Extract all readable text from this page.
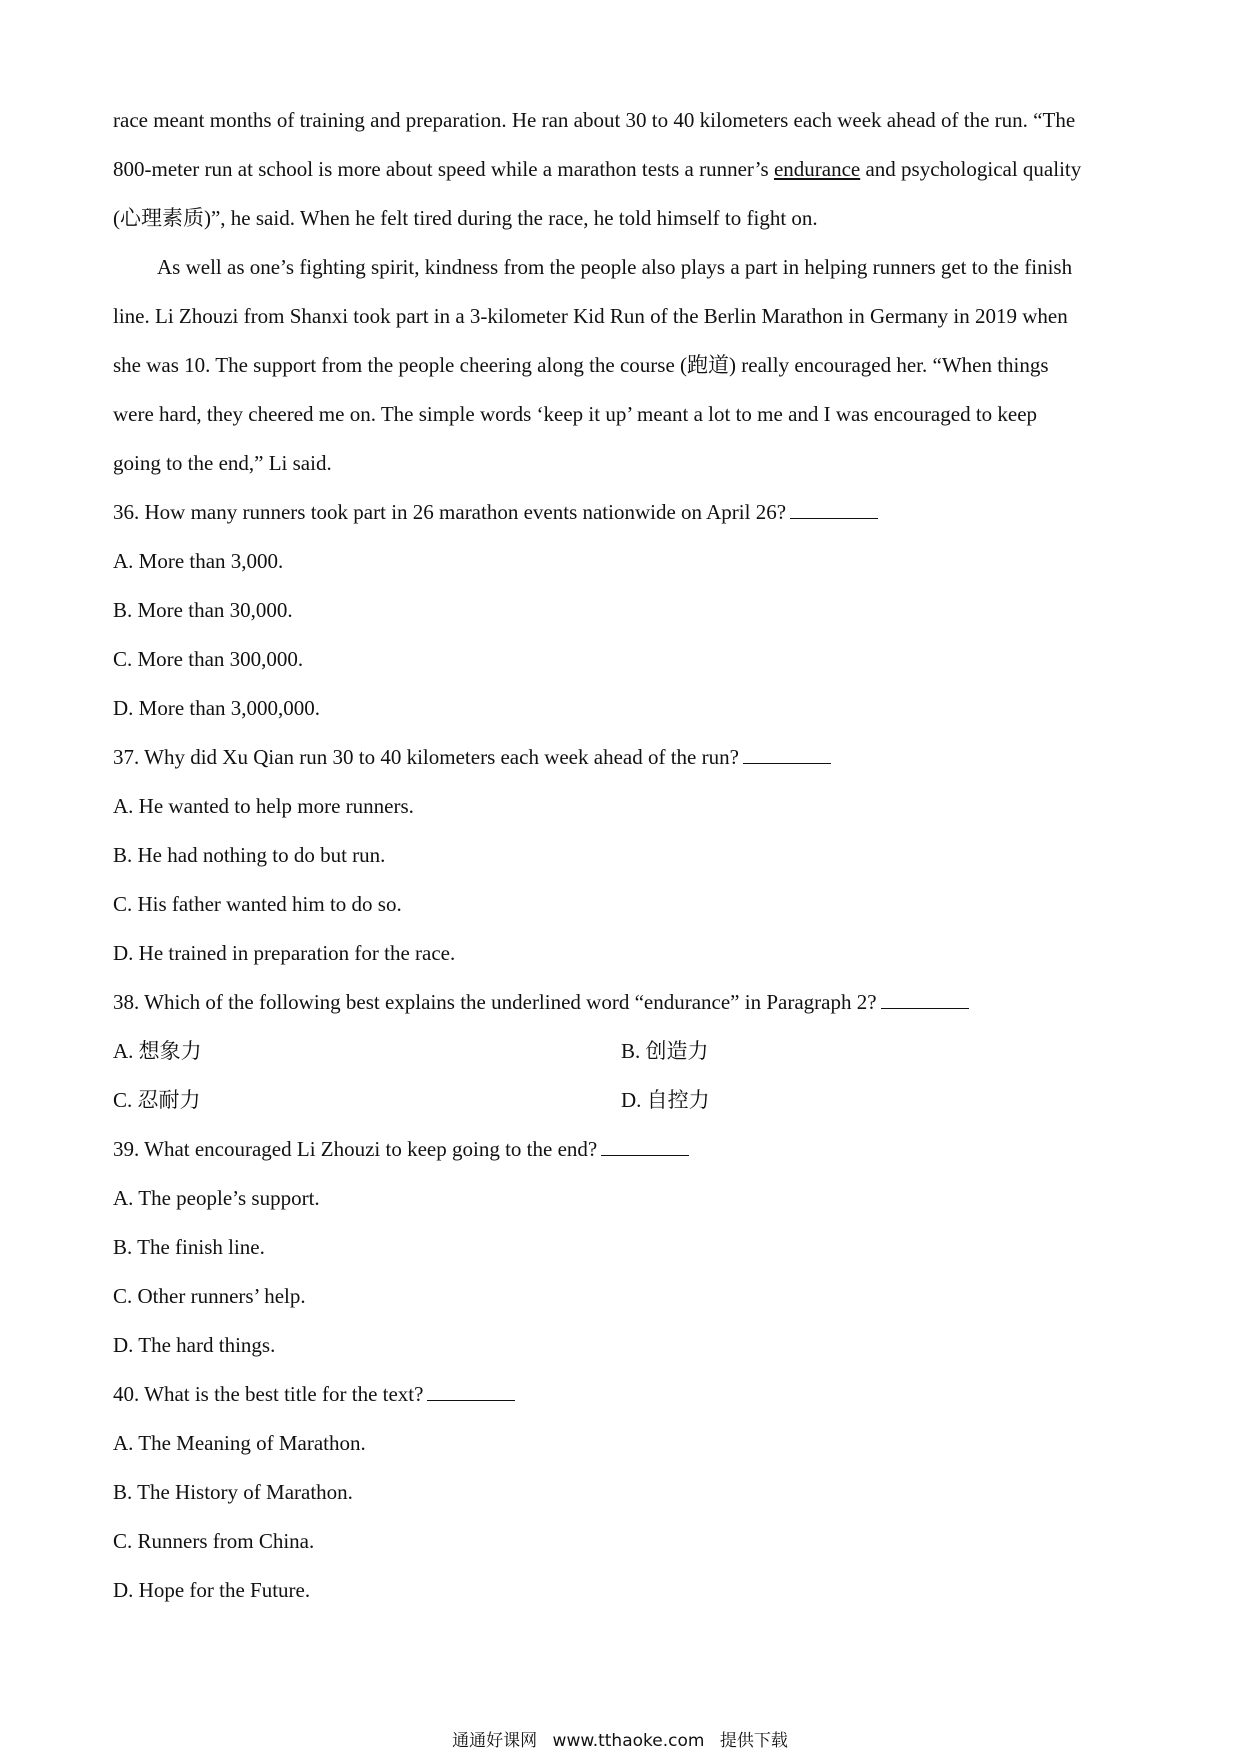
race meant months of training and preparation. He ran about 30 to 40 kilometers each week ahead of the run. “The
800-meter run at school is more about speed while a marathon tests a runner’s endurance and psychological quality
(心理素质)”, he said. When he felt tired during the race, he told himself to fight on.
As well as one’s fighting spirit, kindness from the people also plays a part in helping runners get to the finish
line. Li Zhouzi from Shanxi took part in a 3-kilometer Kid Run of the Berlin Marathon in Germany in 2019 when
she was 10. The support from the people cheering along the course (跑道) really encouraged her. “When things
were hard, they cheered me on. The simple words ‘keep it up’ meant a lot to me and I was encouraged to keep
going to the end,” Li said.
36. How many runners took part in 26 marathon events nationwide on April 26?
A. More than 3,000.
B. More than 30,000.
C. More than 300,000.
D. More than 3,000,000.
37. Why did Xu Qian run 30 to 40 kilometers each week ahead of the run?
A. He wanted to help more runners.
B. He had nothing to do but run.
C. His father wanted him to do so.
D. He trained in preparation for the race.
38. Which of the following best explains the underlined word “endurance” in Paragraph 2?
A. 想象力	B. 创造力
C. 忍耐力	D. 自控力
39. What encouraged Li Zhouzi to keep going to the end?
A. The people’s support.
B. The finish line.
C. Other runners’ help.
D. The hard things.
40. What is the best title for the text?
A. The Meaning of Marathon.
B. The History of Marathon.
C. Runners from China.
D. Hope for the Future.
通通好课网 www.tthaoke.com 提供下载
